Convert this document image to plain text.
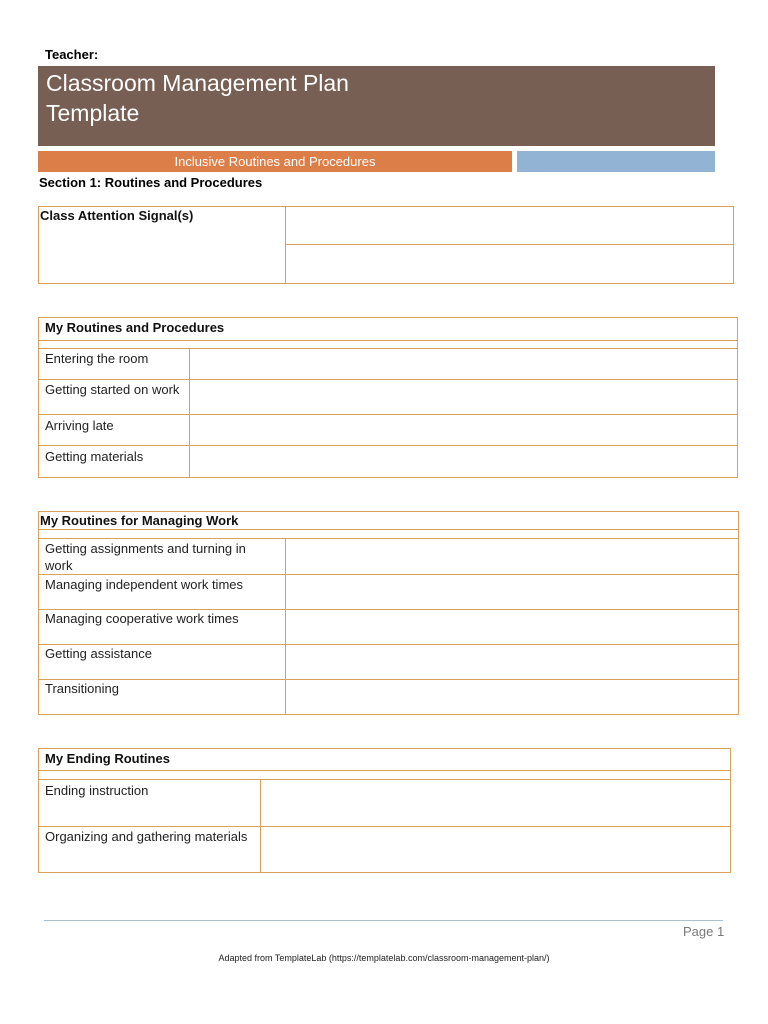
Teacher:
Classroom Management Plan
Template
Inclusive Routines and Procedures
Section 1: Routines and Procedures
Class Attention Signal(s)
My Routines and Procedures
Entering the room
Getting started on work
Arriving late
Getting materials
My Routines for Managing Work
Getting assignments and turning in work
Managing independent work times
Managing cooperative work times
Getting assistance
Transitioning
My Ending Routines
Ending instruction
Organizing and gathering materials
Page 1
Adapted from TemplateLab (https://templatelab.com/classroom-management-plan/)
